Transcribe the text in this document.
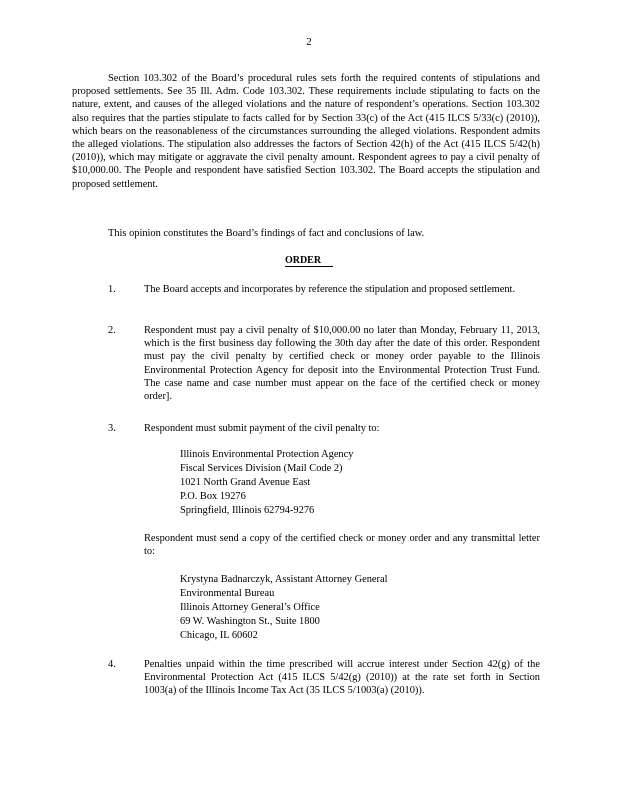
2

Section 103.302 of the Board’s procedural rules sets forth the required contents of stipulations and proposed settlements. See 35 Ill. Adm. Code 103.302. These requirements include stipulating to facts on the nature, extent, and causes of the alleged violations and the nature of respondent’s operations. Section 103.302 also requires that the parties stipulate to facts called for by Section 33(c) of the Act (415 ILCS 5/33(c) (2010)), which bears on the reasonableness of the circumstances surrounding the alleged violations. Respondent admits the alleged violations. The stipulation also addresses the factors of Section 42(h) of the Act (415 ILCS 5/42(h) (2010)), which may mitigate or aggravate the civil penalty amount. Respondent agrees to pay a civil penalty of $10,000.00. The People and respondent have satisfied Section 103.302. The Board accepts the stipulation and proposed settlement.

This opinion constitutes the Board’s findings of fact and conclusions of law.

ORDER
1.	The Board accepts and incorporates by reference the stipulation and proposed settlement.
2.	Respondent must pay a civil penalty of $10,000.00 no later than Monday, February 11, 2013, which is the first business day following the 30th day after the date of this order. Respondent must pay the civil penalty by certified check or money order payable to the Illinois Environmental Protection Agency for deposit into the Environmental Protection Trust Fund. The case name and case number must appear on the face of the certified check or money order].
3.	Respondent must submit payment of the civil penalty to:
Illinois Environmental Protection Agency
Fiscal Services Division (Mail Code 2)
1021 North Grand Avenue East
P.O. Box 19276
Springfield, Illinois 62794-9276
Respondent must send a copy of the certified check or money order and any transmittal letter to:
Krystyna Badnarczyk, Assistant Attorney General
Environmental Bureau
Illinois Attorney General’s Office
69 W. Washington St., Suite 1800
Chicago, IL 60602
4.	Penalties unpaid within the time prescribed will accrue interest under Section 42(g) of the Environmental Protection Act (415 ILCS 5/42(g) (2010)) at the rate set forth in Section 1003(a) of the Illinois Income Tax Act (35 ILCS 5/1003(a) (2010)).
